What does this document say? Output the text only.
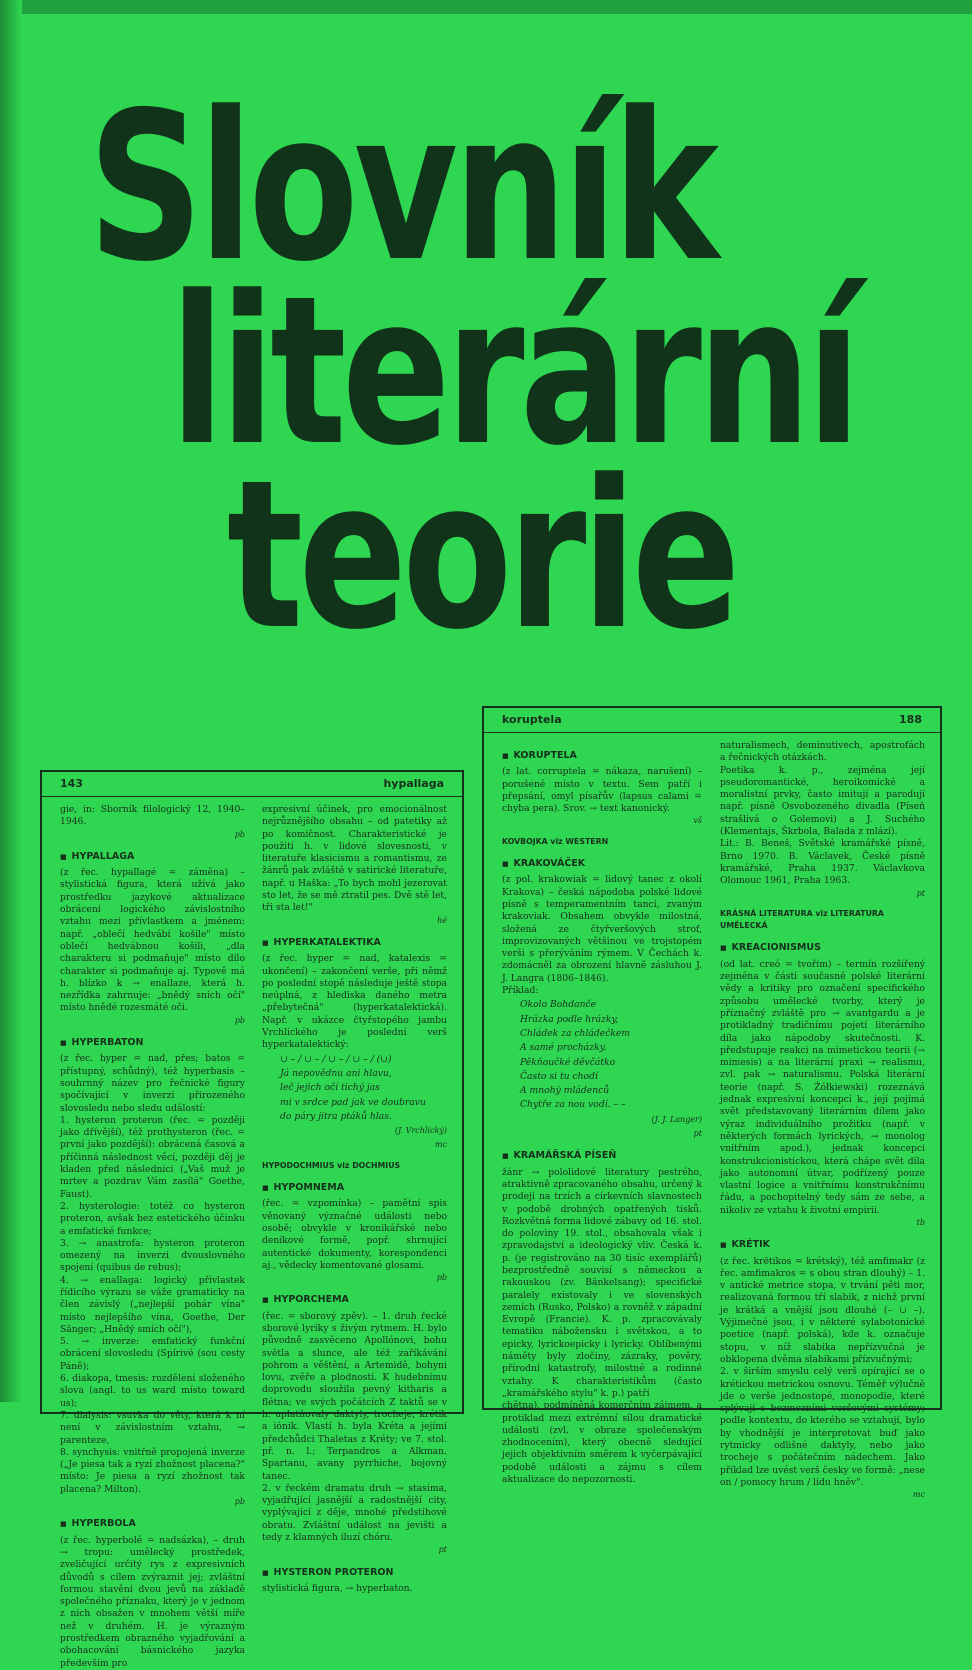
Slovník
literární
teorie
143	hypallaga
gie, in: Sborník filologický 12, 1940–1946.
pb
■  HYPALLAGA
(z řec. hypallagé = záměna) – stylistická figura, která užívá jako prostředku jazykové aktualizace obrácení logického závislostního vztahu mezi přívlastkem a jménem: např. „oblečí hedvábí košile" místo oblečí hedvábnou košili, „dla charakteru si podmaňuje" místo dílo charakter si podmaňuje aj. Typově má h. blízko k → enallaze, která h. nezřídka zahrnuje: „bnědý sních očí" místo hnědé rozesmáté oči.
pb
■  HYPERBATON
(z řec. hyper = nad, přes; batos = přístupný, schůdný), též hyperbasis – souhrnný název pro řečnické figury spočívající v inverzi přirozeného slovosledu nebo sledu událostí:
1. hysteron proteron (řec. = později jako dřívější), též prothysteron (řec. = první jako pozdější): obrácená časová a příčinná následnost věcí, později děj je kladen před následníci („Vaš muž je mrtev a pozdrav Vám zasílá" Goethe, Faust).
2. hysterologie: totéž co hysteron proteron, avšak bez estetického účinku a emfatické funkce;
3. → anastrofa: hysteron proteron omezený na inverzi dvouslovného spojení (quibus de rebus);
4. → enallaga: logický přívlastek řídicího výrazu se váže gramaticky na člen závislý („nejlepší pohár vína" místo nejlepšího vína, Goethe, Der Sänger; „Hnědý smích očí"),
5. → inverze: emfatický funkční obrácení slovosledu (Spírivé (sou cesty Páně);
6. diakopa, tmesis: rozdělení složeného slova (angl. to us ward místo toward us);
7. dialysis: vsuvka do věty, která k ní není v závislostním vztahu, → parenteze,
8. synchysis: vnitřně propojená inverze („Je piesa tak a ryzí zhožnost placena?" místo: Je piesa a ryzí zhožnost tak placena? Milton).
pb
■  HYPERBOLA
(z řec. hyperbolé = nadsázka), – druh → tropu: umělecký prostředek, zveličující určitý rys z expresivních důvodů s cílem zvýraznit jej; zvláštní formou stavění dvou jevů na základě společného příznaku, který je v jednom z nich obsažen v mnohem větší míře než v druhém. H. je výrazným prostředkem obrazného vyjadřování a obohacování básnického jazyka především pro
expresivní účinek, pro emocionálnost nejrůznějšího obsahu – od patetiky až po komičnost. Charakteristické je použití h. v lidové slovesnosti, v literatuře klasicismu a romantismu, ze žánrů pak zvláště v satirické literatuře, např. u Haška: „To bych mohl jezerovat sto let, že se mě ztratil pes. Dvě stě let, tři sta let!"
hé
■  HYPERKATALEKTIKA
(z řec. hyper = nad, katalexis = ukončení) – zakončení verše, při němž po poslední stopě následuje ještě stopa neúplná, z hlediska daného metra „přebytečná" (hyperkatalektická). Např. v ukázce čtyřstopého jambu Vrchlického je poslední verš hyperkatalektický:
∪ – / ∪ – / ∪ – / ∪ – / (∪)
Já nepovědnu ani hlavu,
leč jejich očí tichý jas
mi v srdce pad jak ve doubravu
do páry jitra ptáků hlas.
(J. Vrchlický)
mc
HYPODOCHMIUS viz DOCHMIUS
■  HYPOMNEMA
(řec. = vzpomínka) – pamětní spis věnovaný význačné události nebo osobě; obvykle v kronikářské nebo deníkové formě, popř. shrnující autentické dokumenty, korespondenci aj., vědecky komentované glosami.
pb
■  HYPORCHEMA
(řec. = sborový zpěv). – 1. druh řecké sborové lyriky s živým rytmem. H. bylo původně zasvěceno Apollónovi, bohu světla a slunce, ale též zaříkávání pohrom a věštění, a Artemidě, bohyni lovu, zvěře a plodnosti. K hudebnímu doprovodu sloužila pevný kitharis a flétna; ve svých počátcích Z taktů se v h. uplatňovaly daktyly, trocheje, krétik a iónik. Vlastí h. byla Kréta a jejími předchůdci Thaletas z Kréty; ve 7. stol. př. n. l.; Terpandros a Alkman. Spartanu, avany pyrrhiche, bojovný tanec.
2. v řeckém dramatu druh → stasima, vyjadřující jasnější a radostnější city, vyplývající z děje, mnohé předstihové obratu. Zvláštní událost na jevišti a tedy z klamných iluzí chóru.
pt
■  HYSTERON PROTERON
stylistická figura, → hyperbaton.
koruptela	188
■  KORUPTELA
(z lat. corruptela = nákaza, narušení) – porušené místo v textu. Sem patří i přepsání, omyl písařův (lapsus calami = chyba pera). Srov. → text kanonický.
vš
KOVBOJKA viz WESTERN
■  KRAKOVÁČEK
(z pol. krakowiak = lidový tanec z okolí Krakova) – česká nápodoba polské lidové písně s temperamentním tancí, zvaným krakoviak. Obsahem obvykle milostná, složená ze čtyřveršových strof, improvizovaných většinou ve trojstopém verši s přerýváním rýmem. V Čechách k. zdomácněl za obrození hlavně zásluhou J. J. Langra (1806–1846).
Příklad:
Okolo Bohdanče
Hrázka podle hrázky,
Chládek za chládečkem
A samé procházky.
Pěkňoučké děvčátko
Často si tu chodí
A mnohý mládenců
Chytře za nou vodí. – –
(J. J. Langer)
pt
■  KRAMÁŘSKÁ PÍSEŇ
žánr → pololidové literatury pestrého, atraktivně zpracovaného obsahu, určený k prodeji na trzích a církevních slavnostech v podobě drobných opatřených tisků. Rozkvětná forma lidové zábavy od 16. stol. do poloviny 19. stol., obsahovala však i zpravodajství a ideologický vliv. Česká k. p. (je registrováno na 30 tisíc exemplářů) bezprostředně souvisí s německou a rakouskou (zv. Bänkelsang); specifické paralely existovaly i ve slovenských zemích (Rusko, Polsko) a rovněž v západní Evropě (Francie). K. p. zpracovávaly tematiku nábožensku i světskou, a to epicky, lyrickoepicky i lyricky. Oblíbenými náměty byly zločiny, zázraky, pověry, přírodní katastrofy, milostné a rodinné vztahy. K charakteristikům (často „kramářského stylu" k. p.) patří
chětna), podmíněná komerčním zájmem, a protiklad mezi extrémní sílou dramatické události (zvl. v obraze společenským zhodnocením), který obecně sledující jejich objektivním směrem k vyčerpávající podobě události a zájmu s cílem aktualizace do nepozornosti.
naturalismech, deminutivech, apostrofách a řečnických otázkách.
Poetika k. p., zejména její pseudoromantické, heroikomické a moralistní prvky, často imitují a parodují např. písně Osvobozeného divadla (Píseň strašlivá o Golemovi) a J. Suchého (Klementajs, Škrbola, Balada z mlází).
Lit.: B. Beneš, Světské kramářské písně, Brno 1970. B. Václavek, České písně kramářské, Praha 1937. Václavkova Olomouc 1961, Praha 1963.
pt
KRÁSNÁ LITERATURA viz LITERATURA UMĚLECKÁ
■  KREACIONISMUS
(od lat. creó = tvořím) – termín rozšířený zejména v části současné polské literární vědy a kritiky pro označení specifického způsobu umělecké tvorby, který je příznačný zvláště pro → avantgardu a je protikladný tradičnímu pojetí literárního díla jako nápodoby skutečnosti. K. předstupuje reakci na mimetickou teorii (→ mimesis) a na literární praxi → realismu, zvl. pak → naturalismu. Polská literární teorie (např. S. Żółkiewski) rozeznává jednak expresivní koncepci k., její pojímá svět představovaný literárním dílem jako výraz individuálního prožitku (např. v některých formách lyrických, → monolog vnitřním apod.), jednak koncepci konstrukcionistickou, která chápe svět díla jako autonomní útvar, podřízený pouze vlastní logice a vnitřnímu konstrukčnímu řádu, a pochopitelný tedy sám ze sebe, a nikoliv ze vztahu k životní empirii.
tb
■  KRÉTIK
(z řec. krētikos = krétský), též amfimakr (z řec. amfimakros = s obou stran dlouhý) – 1. v antické metrice stopa, v trvání pěti mor, realizovaná formou tří slabik, z nichž první je krátká a vnější jsou dlouhé (– ∪ –). Výjimečné jsou, i v některé sylabotonické poetice (např. polská), kde k. označuje stopu, v níž slabika nepřízvučná je obklopena dvěma slabikami přízvučnými;
2. v širším smyslu celý verš opírající se o krétickou metrickou osnovu. Téměř výlučně jde o verše jednostopé, monopodie, které splývají s bezmezními verševými systémy; podle kontextu, do kterého se vztahují, bylo by vhodnější je interpretovat buď jako rytmicky odlišné daktyly, nebo jako trocheje s počátečním nádechem. Jako příklad lze uvést verš česky ve formě: „nese on / pomocy hrum / lidu hněv".
mc
